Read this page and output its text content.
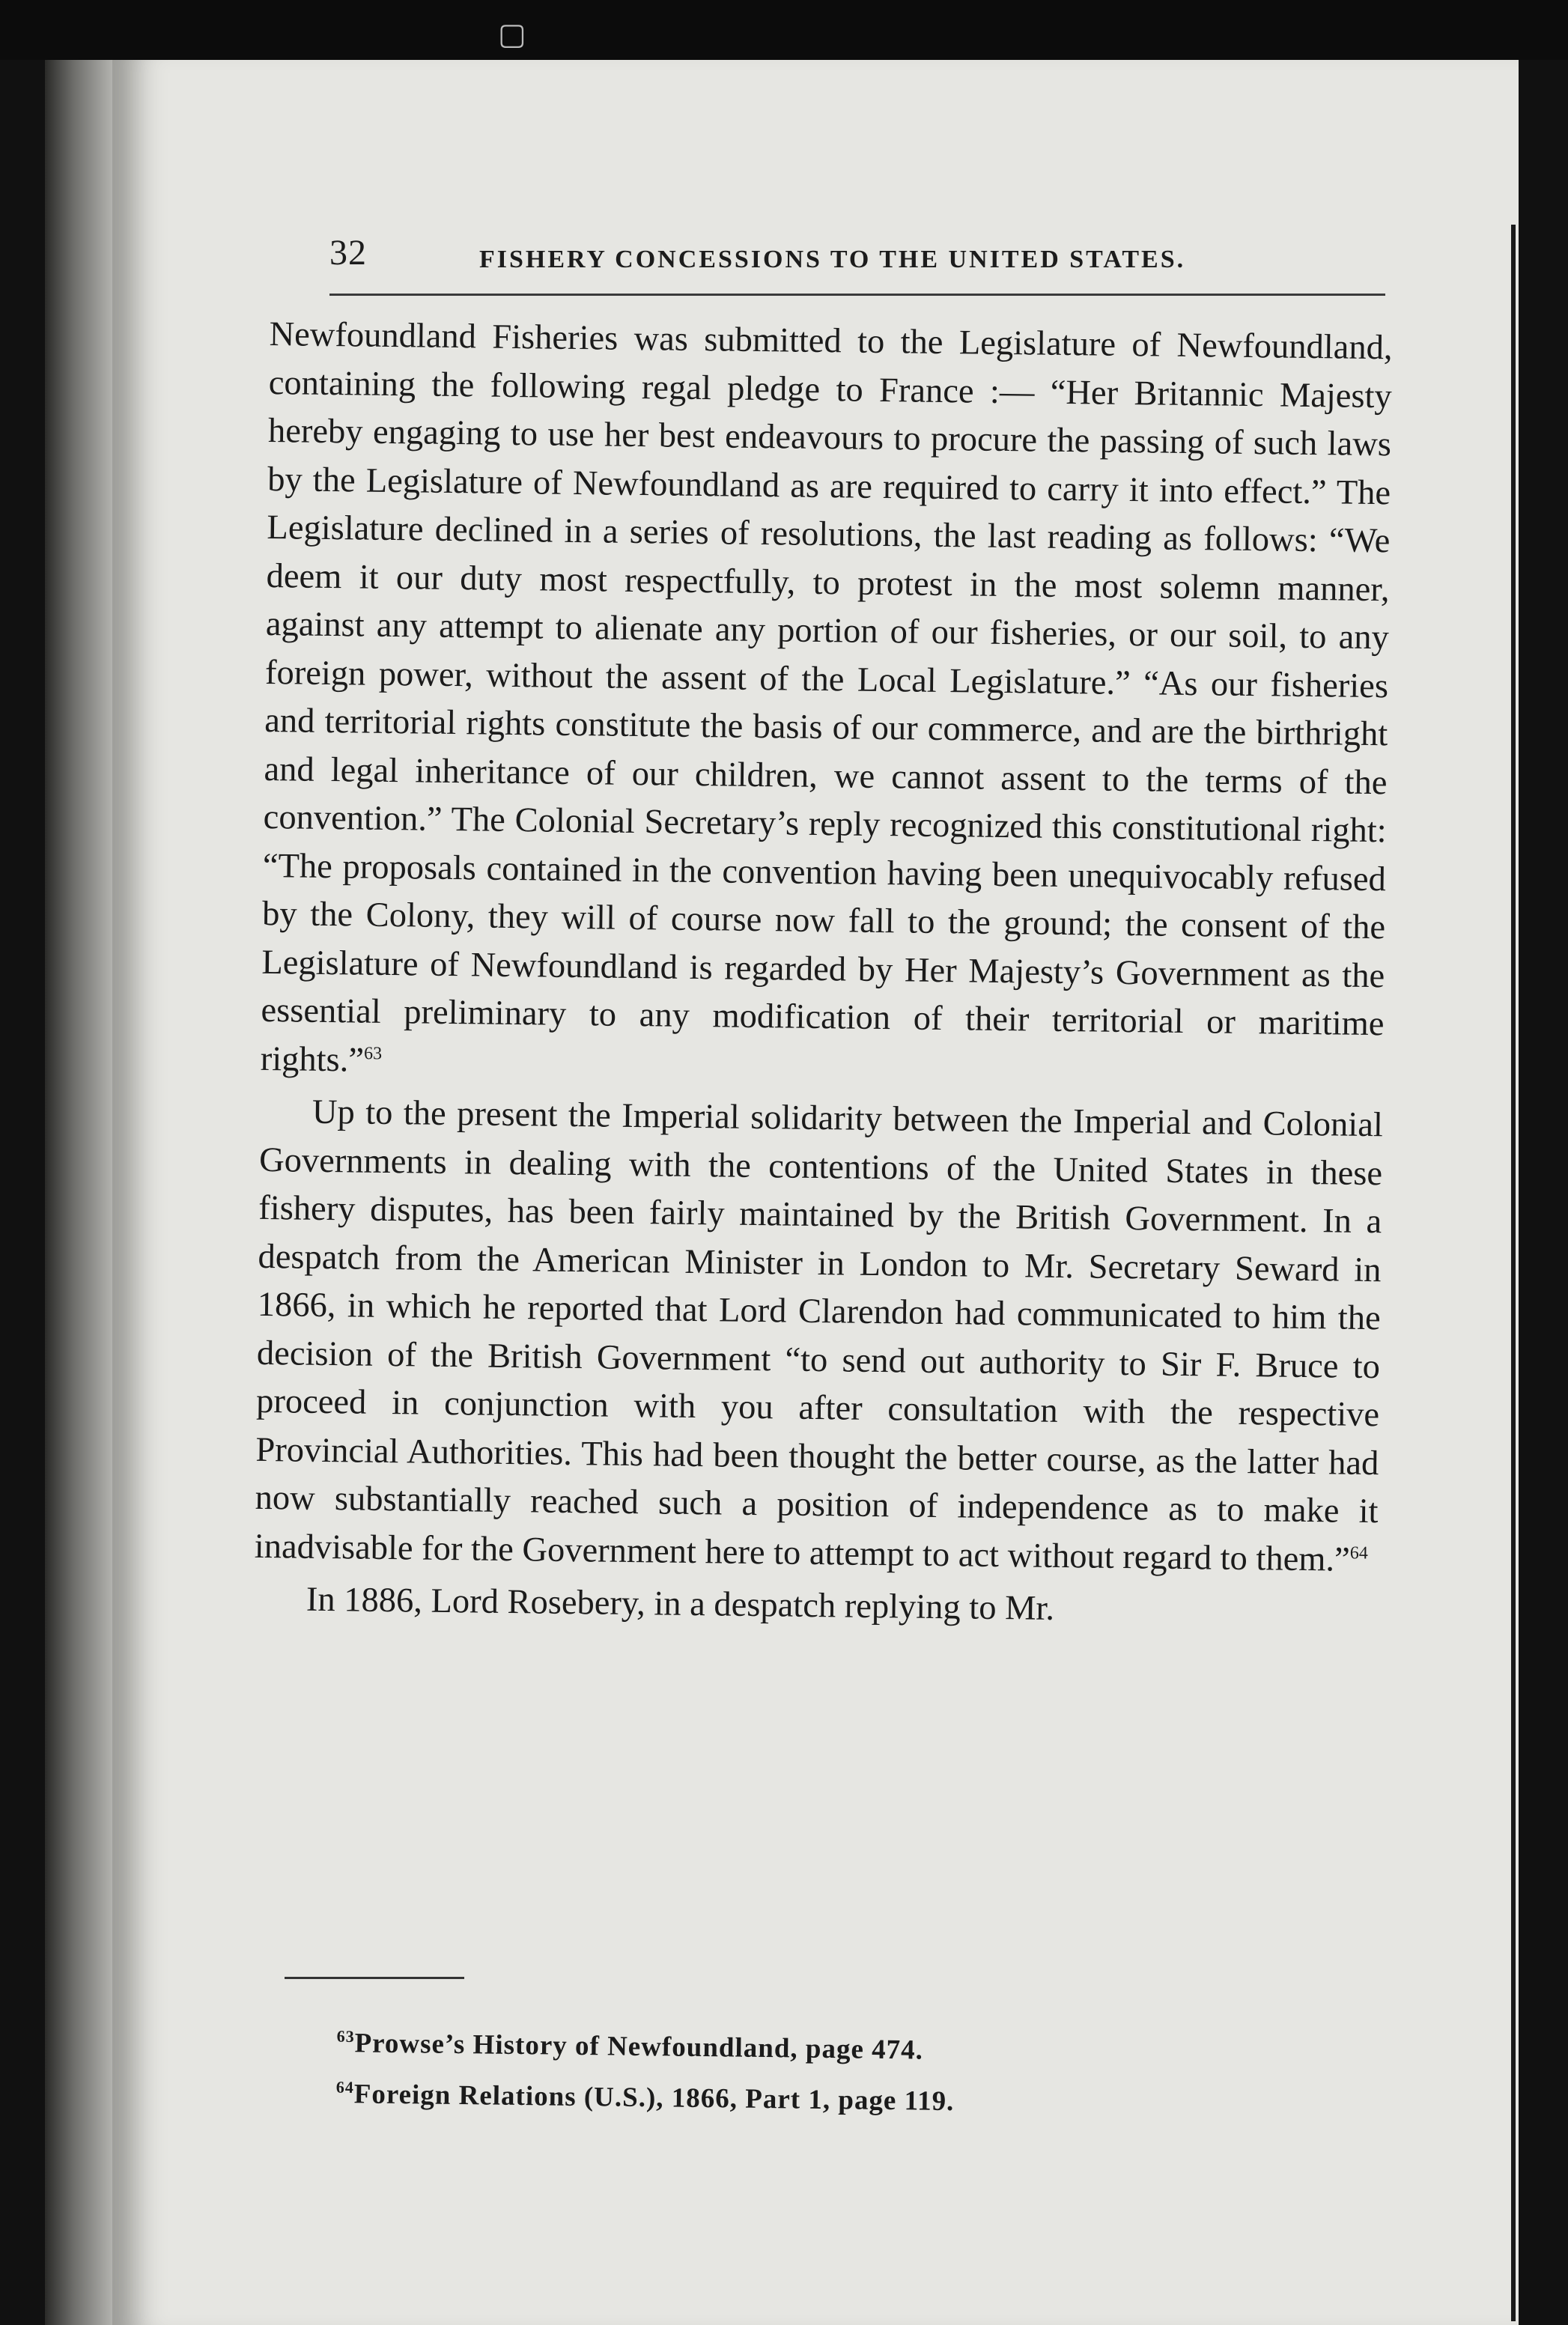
▢
32	FISHERY CONCESSIONS TO THE UNITED STATES.

Newfoundland Fisheries was submitted to the Legislature of Newfoundland, containing the following regal pledge to France :— “Her Britannic Majesty hereby engaging to use her best endeavours to procure the passing of such laws by the Legislature of Newfoundland as are required to carry it into effect.” The Legislature declined in a series of resolutions, the last reading as follows: “We deem it our duty most respectfully, to protest in the most solemn manner, against any attempt to alienate any portion of our fisheries, or our soil, to any foreign power, without the assent of the Local Legislature.” “As our fisheries and territorial rights constitute the basis of our commerce, and are the birthright and legal inheritance of our children, we cannot assent to the terms of the convention.” The Colonial Secretary’s reply recognized this constitutional right: “The proposals contained in the convention having been unequivocably refused by the Colony, they will of course now fall to the ground; the consent of the Legislature of Newfoundland is regarded by Her Majesty’s Government as the essential preliminary to any modification of their territorial or maritime rights.”$^{63}$

Up to the present the Imperial solidarity between the Imperial and Colonial Governments in dealing with the contentions of the United States in these fishery disputes, has been fairly maintained by the British Government. In a despatch from the American Minister in London to Mr. Secretary Seward in 1866, in which he reported that Lord Clarendon had communicated to him the decision of the British Government “to send out authority to Sir F. Bruce to proceed in conjunction with you after consultation with the respective Provincial Authorities. This had been thought the better course, as the latter had now substantially reached such a position of independence as to make it inadvisable for the Government here to attempt to act without regard to them.”$^{64}$

In 1886, Lord Rosebery, in a despatch replying to Mr.

$^{63}$Prowse’s History of Newfoundland, page 474.
$^{64}$Foreign Relations (U.S.), 1866, Part 1, page 119.
